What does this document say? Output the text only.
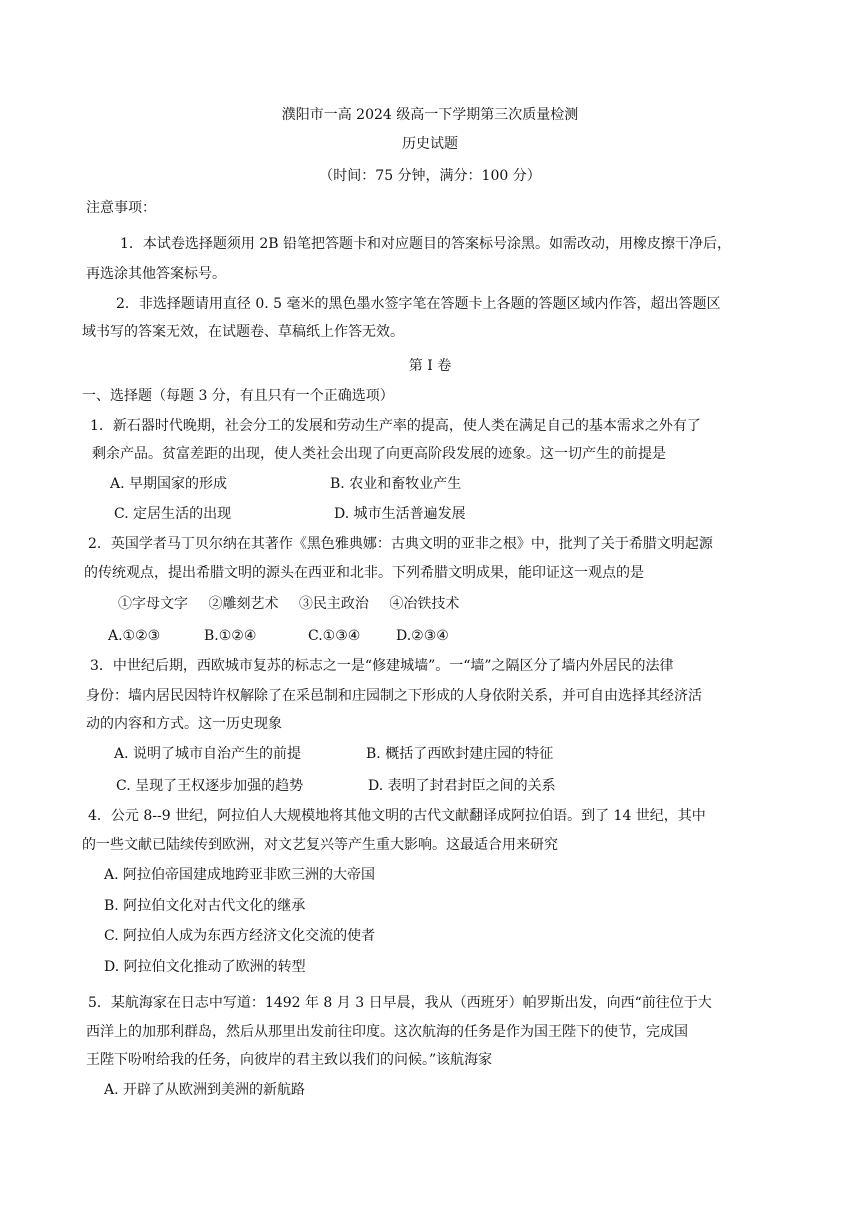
濮阳市一高 2024 级高一下学期第三次质量检测
历史试题
（时间：75 分钟，满分：100 分）
注意事项：
1．本试卷选择题须用 2B 铅笔把答题卡和对应题目的答案标号涂黑。如需改动，用橡皮擦干净后，
再选涂其他答案标号。
2．非选择题请用直径 0. 5 毫米的黑色墨水签字笔在答题卡上各题的答题区域内作答，超出答题区
域书写的答案无效，在试题卷、草稿纸上作答无效。
第 I 卷
一、选择题（每题 3 分，有且只有一个正确选项）
1．新石器时代晚期，社会分工的发展和劳动生产率的提高，使人类在满足自己的基本需求之外有了
剩余产品。贫富差距的出现，使人类社会出现了向更高阶段发展的迹象。这一切产生的前提是
A. 早期国家的形成	B. 农业和畜牧业产生
C. 定居生活的出现	D. 城市生活普遍发展
2．英国学者马丁贝尔纳在其著作《黑色雅典娜：古典文明的亚非之根》中，批判了关于希腊文明起源
的传统观点，提出希腊文明的源头在西亚和北非。下列希腊文明成果，能印证这一观点的是
①字母文字 ②雕刻艺术 ③民主政治 ④冶铁技术
A.①②③	B.①②④	C.①③④	D.②③④
3．中世纪后期，西欧城市复苏的标志之一是“修建城墙”。一“墙”之隔区分了墙内外居民的法律
身份：墙内居民因特许权解除了在采邑制和庄园制之下形成的人身依附关系，并可自由选择其经济活
动的内容和方式。这一历史现象
A. 说明了城市自治产生的前提	B. 概括了西欧封建庄园的特征
C. 呈现了王权逐步加强的趋势	D. 表明了封君封臣之间的关系
4．公元 8--9 世纪，阿拉伯人大规模地将其他文明的古代文献翻译成阿拉伯语。到了 14 世纪，其中
的一些文献已陆续传到欧洲，对文艺复兴等产生重大影响。这最适合用来研究
A. 阿拉伯帝国建成地跨亚非欧三洲的大帝国
B. 阿拉伯文化对古代文化的继承
C. 阿拉伯人成为东西方经济文化交流的使者
D. 阿拉伯文化推动了欧洲的转型
5．某航海家在日志中写道：1492 年 8 月 3 日早晨，我从（西班牙）帕罗斯出发，向西“前往位于大
西洋上的加那利群岛，然后从那里出发前往印度。这次航海的任务是作为国王陛下的使节，完成国
王陛下吩咐给我的任务，向彼岸的君主致以我们的问候。”该航海家
A. 开辟了从欧洲到美洲的新航路
